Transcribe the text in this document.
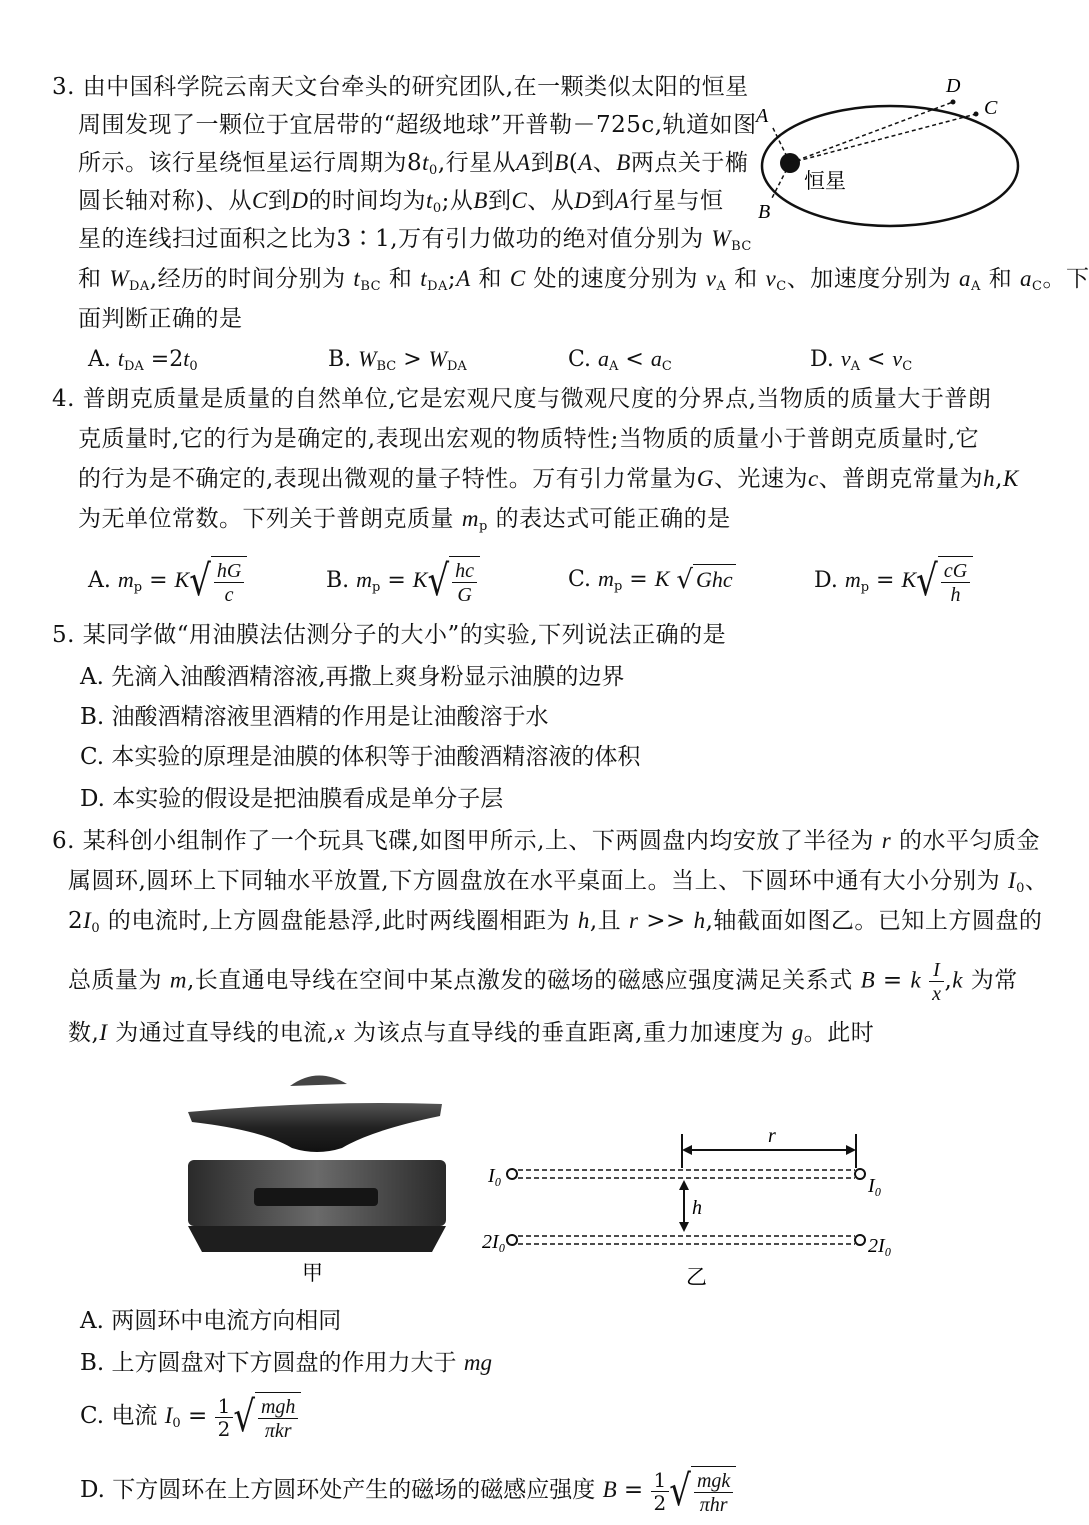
3. 由中国科学院云南天文台牵头的研究团队,在一颗类似太阳的恒星
周围发现了一颗位于宜居带的“超级地球”开普勒－725c,轨道如图
所示。该行星绕恒星运行周期为$8t_0$,行星从A到B(A、B两点关于椭
圆长轴对称)、从C到D的时间均为$t_0$;从B到C、从D到A行星与恒
星的连线扫过面积之比为3∶1,万有引力做功的绝对值分别为 $W_{BC}$
和 $W_{DA}$,经历的时间分别为 $t_{BC}$ 和 $t_{DA};A$ 和 C 处的速度分别为 $v_A$ 和 $v_C$、加速度分别为 $a_A$ 和 $a_C$。下
面判断正确的是
A. $t_{DA} =2t_0$	B. $W_{BC} > W_{DA}$	C. $a_A < a_C$	D. $v_A < v_C$
A
B
D
C
恒星
4. 普朗克质量是质量的自然单位,它是宏观尺度与微观尺度的分界点,当物质的质量大于普朗
克质量时,它的行为是确定的,表现出宏观的物质特性;当物质的质量小于普朗克质量时,它
的行为是不确定的,表现出微观的量子特性。万有引力常量为G、光速为c、普朗克常量为h,K
为无单位常数。下列关于普朗克质量 $m_p$ 的表达式可能正确的是
A. $m_p = K$ √ $\frac{hG}{c}$	B. $m_p = K$ √ $\frac{hc}{G}$	C. $m_p = K$ √ Ghc	D. $m_p = K$ √ $\frac{cG}{h}$
5. 某同学做“用油膜法估测分子的大小”的实验,下列说法正确的是
A. 先滴入油酸酒精溶液,再撒上爽身粉显示油膜的边界
B. 油酸酒精溶液里酒精的作用是让油酸溶于水
C. 本实验的原理是油膜的体积等于油酸酒精溶液的体积
D. 本实验的假设是把油膜看成是单分子层
6. 某科创小组制作了一个玩具飞碟,如图甲所示,上、下两圆盘内均安放了半径为 r 的水平匀质金
属圆环,圆环上下同轴水平放置,下方圆盘放在水平桌面上。当上、下圆环中通有大小分别为 $I_0$、
$2I_0$ 的电流时,上方圆盘能悬浮,此时两线圈相距为 h,且 r >> h,轴截面如图乙。已知上方圆盘的
总质量为 m,长直通电导线在空间中某点激发的磁场的磁感应强度满足关系式 B = k $\frac{I}{x} ,k$ 为常
数,I 为通过直导线的电流,x 为该点与直导线的垂直距离,重力加速度为 g。此时
甲
r
I₀	I₀
h
2I₀	2I₀
乙
A. 两圆环中电流方向相同
B. 上方圆盘对下方圆盘的作用力大于 mg
C. 电流 $I_0 = \frac{1}{2}$ √ $\frac{\text{mgh}}{\text{πkr}}$
D. 下方圆环在上方圆环处产生的磁场的磁感应强度 $B = \frac{1}{2}$ √ $\frac{\text{mgk}}{\text{πhr}}$
